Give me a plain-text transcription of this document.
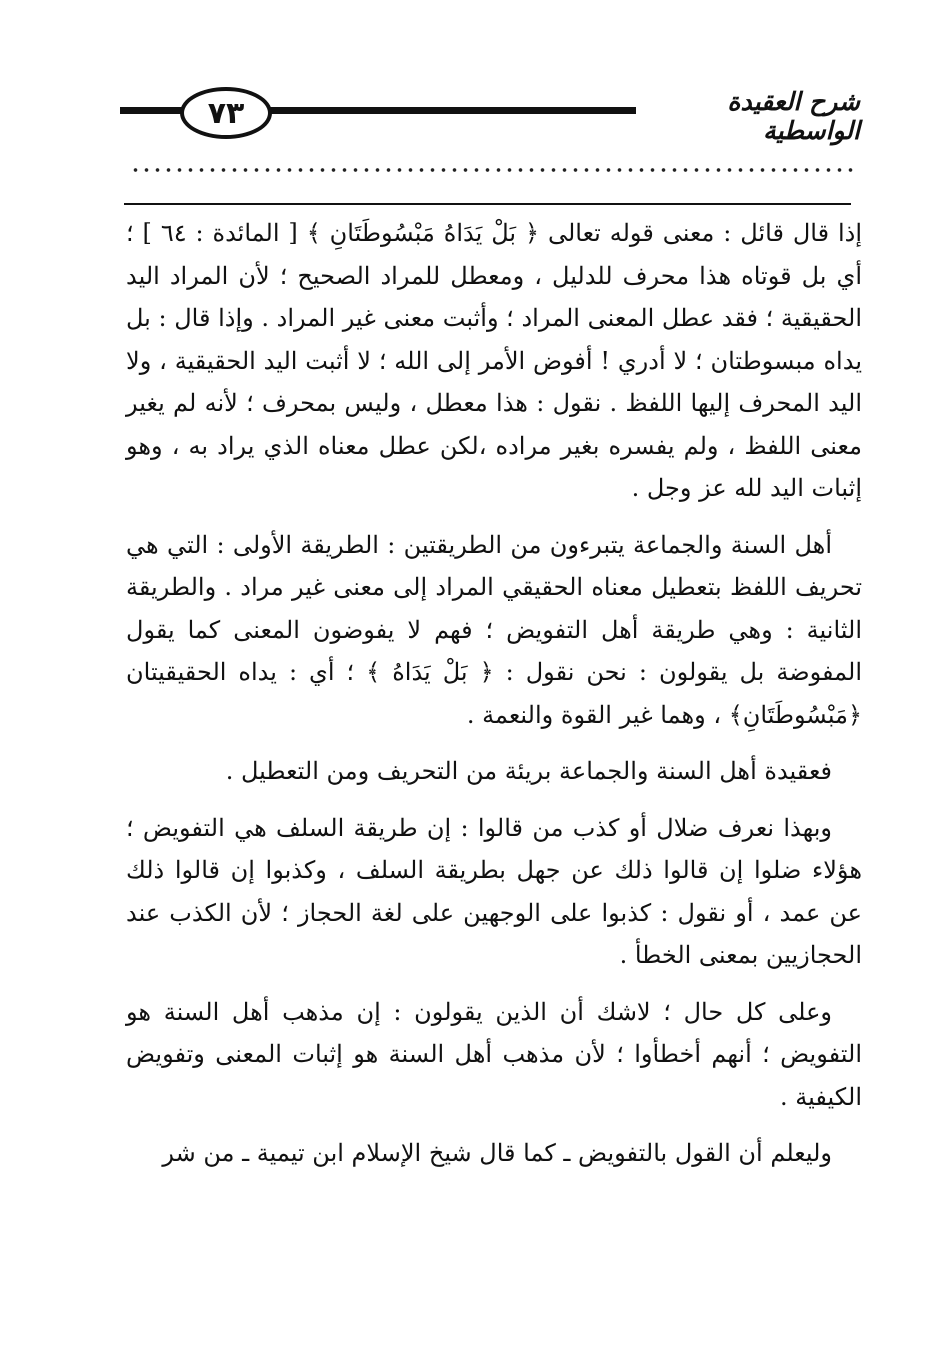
٧٣	شرح العقيدة الواسطية

إذا قال قائل : معنى قوله تعالى ﴿ بَلْ يَدَاهُ مَبْسُوطَتَانِ ﴾ [ المائدة : ٦٤ ] ؛ أي بل قوتاه هذا محرف للدليل ، ومعطل للمراد الصحيح ؛ لأن المراد اليد الحقيقية ؛ فقد عطل المعنى المراد ؛ وأثبت معنى غير المراد . وإذا قال : بل يداه مبسوطتان ؛ لا أدري ! أفوض الأمر إلى الله ؛ لا أثبت اليد الحقيقية ، ولا اليد المحرف إليها اللفظ . نقول : هذا معطل ، وليس بمحرف ؛ لأنه لم يغير معنى اللفظ ، ولم يفسره بغير مراده ،لكن عطل معناه الذي يراد به ، وهو إثبات اليد لله عز وجل .

أهل السنة والجماعة يتبرءون من الطريقتين : الطريقة الأولى : التي هي تحريف اللفظ بتعطيل معناه الحقيقي المراد إلى معنى غير مراد . والطريقة الثانية : وهي طريقة أهل التفويض ؛ فهم لا يفوضون المعنى كما يقول المفوضة بل يقولون : نحن نقول : ﴿ بَلْ يَدَاهُ ﴾ ؛ أي : يداه الحقيقيتان ﴿مَبْسُوطَتَانِ﴾ ، وهما غير القوة والنعمة .

فعقيدة أهل السنة والجماعة بريئة من التحريف ومن التعطيل .

وبهذا نعرف ضلال أو كذب من قالوا : إن طريقة السلف هي التفويض ؛ هؤلاء ضلوا إن قالوا ذلك عن جهل بطريقة السلف ، وكذبوا إن قالوا ذلك عن عمد ، أو نقول : كذبوا على الوجهين على لغة الحجاز ؛ لأن الكذب عند الحجازيين بمعنى الخطأ .

وعلى كل حال ؛ لاشك أن الذين يقولون : إن مذهب أهل السنة هو التفويض ؛ أنهم أخطأوا ؛ لأن مذهب أهل السنة هو إثبات المعنى وتفويض الكيفية .

وليعلم أن القول بالتفويض ـ كما قال شيخ الإسلام ابن تيمية ـ من شر
